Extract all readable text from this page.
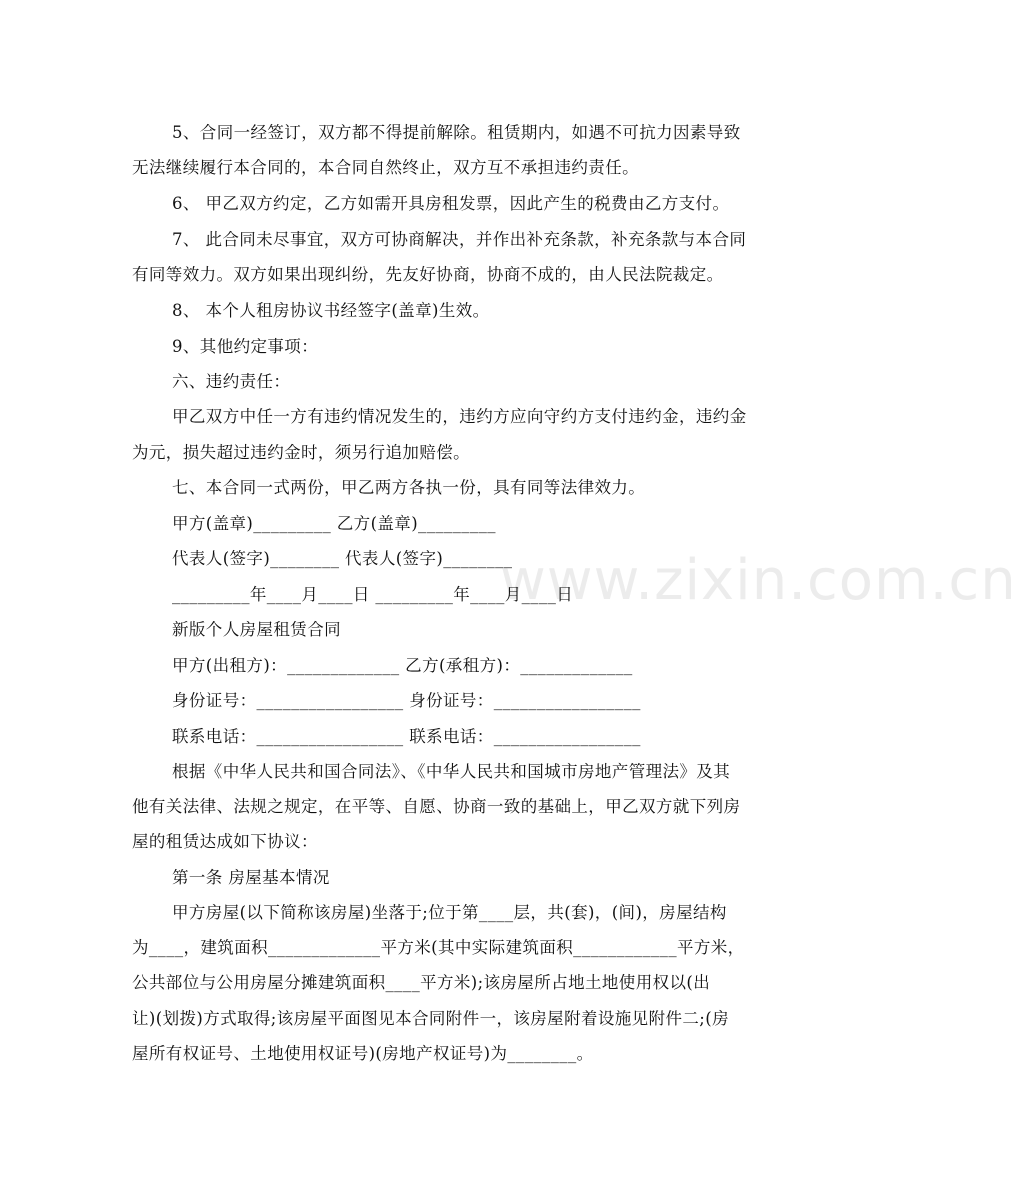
www.zixin.com.cn
5、合同一经签订，双方都不得提前解除。租赁期内，如遇不可抗力因素导致
无法继续履行本合同的，本合同自然终止，双方互不承担违约责任。
6、 甲乙双方约定，乙方如需开具房租发票，因此产生的税费由乙方支付。
7、 此合同未尽事宜，双方可协商解决，并作出补充条款，补充条款与本合同
有同等效力。双方如果出现纠纷，先友好协商，协商不成的，由人民法院裁定。
8、 本个人租房协议书经签字(盖章)生效。
9、其他约定事项：
六、违约责任：
甲乙双方中任一方有违约情况发生的，违约方应向守约方支付违约金，违约金
为元，损失超过违约金时，须另行追加赔偿。
七、本合同一式两份，甲乙两方各执一份，具有同等法律效力。
甲方(盖章)_________ 乙方(盖章)_________
代表人(签字)________ 代表人(签字)________
_________年____月____日 _________年____月____日
新版个人房屋租赁合同
甲方(出租方)：_____________ 乙方(承租方)：_____________
身份证号：_________________ 身份证号：_________________
联系电话：_________________ 联系电话：_________________
根据《中华人民共和国合同法》、《中华人民共和国城市房地产管理法》及其
他有关法律、法规之规定，在平等、自愿、协商一致的基础上，甲乙双方就下列房
屋的租赁达成如下协议：
第一条 房屋基本情况
甲方房屋(以下简称该房屋)坐落于;位于第____层，共(套)，(间)，房屋结构
为____，建筑面积_____________平方米(其中实际建筑面积____________平方米，
公共部位与公用房屋分摊建筑面积____平方米);该房屋所占地土地使用权以(出
让)(划拨)方式取得;该房屋平面图见本合同附件一，该房屋附着设施见附件二;(房
屋所有权证号、土地使用权证号)(房地产权证号)为________。
